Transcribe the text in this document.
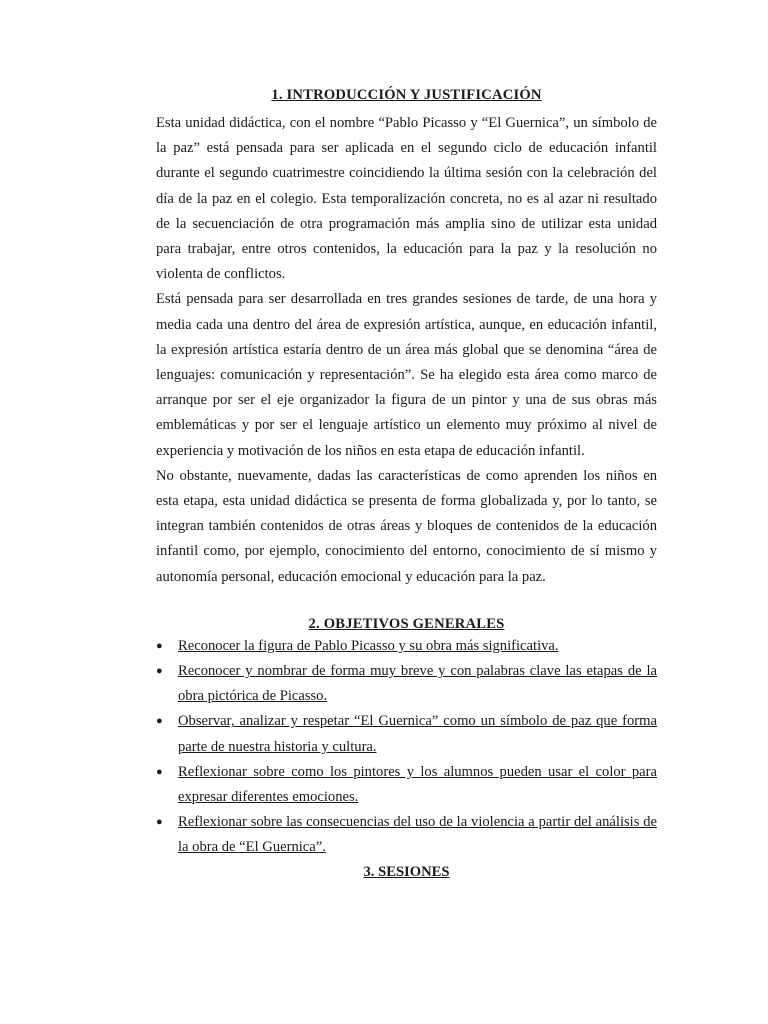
1. INTRODUCCIÓN Y JUSTIFICACIÓN

Esta unidad didáctica, con el nombre “Pablo Picasso y “El Guernica”, un símbolo de la paz” está pensada para ser aplicada en el segundo ciclo de educación infantil durante el segundo cuatrimestre coincidiendo la última sesión con la celebración del día de la paz en el colegio. Esta temporalización concreta, no es al azar ni resultado de la secuenciación de otra programación más amplia sino de utilizar esta unidad para trabajar, entre otros contenidos, la educación para la paz y la resolución no violenta de conflictos.

Está pensada para ser desarrollada en tres grandes sesiones de tarde, de una hora y media cada una dentro del área de expresión artística, aunque, en educación infantil, la expresión artística estaría dentro de un área más global que se denomina “área de lenguajes: comunicación y representación”. Se ha elegido esta área como marco de arranque por ser el eje organizador la figura de un pintor y una de sus obras más emblemáticas y por ser el lenguaje artístico un elemento muy próximo al nivel de experiencia y motivación de los niños en esta etapa de educación infantil.

No obstante, nuevamente, dadas las características de como aprenden los niños en esta etapa, esta unidad didáctica se presenta de forma globalizada y, por lo tanto, se integran también contenidos de otras áreas y bloques de contenidos de la educación infantil como, por ejemplo, conocimiento del entorno, conocimiento de sí mismo y autonomía personal, educación emocional y educación para la paz.

2. OBJETIVOS GENERALES
● Reconocer la figura de Pablo Picasso y su obra más significativa.
● Reconocer y nombrar de forma muy breve y con palabras clave las etapas de la obra pictórica de Picasso.
● Observar, analizar y respetar “El Guernica” como un símbolo de paz que forma parte de nuestra historia y cultura.
● Reflexionar sobre como los pintores y los alumnos pueden usar el color para expresar diferentes emociones.
● Reflexionar sobre las consecuencias del uso de la violencia a partir del análisis de la obra de “El Guernica”.
3. SESIONES
